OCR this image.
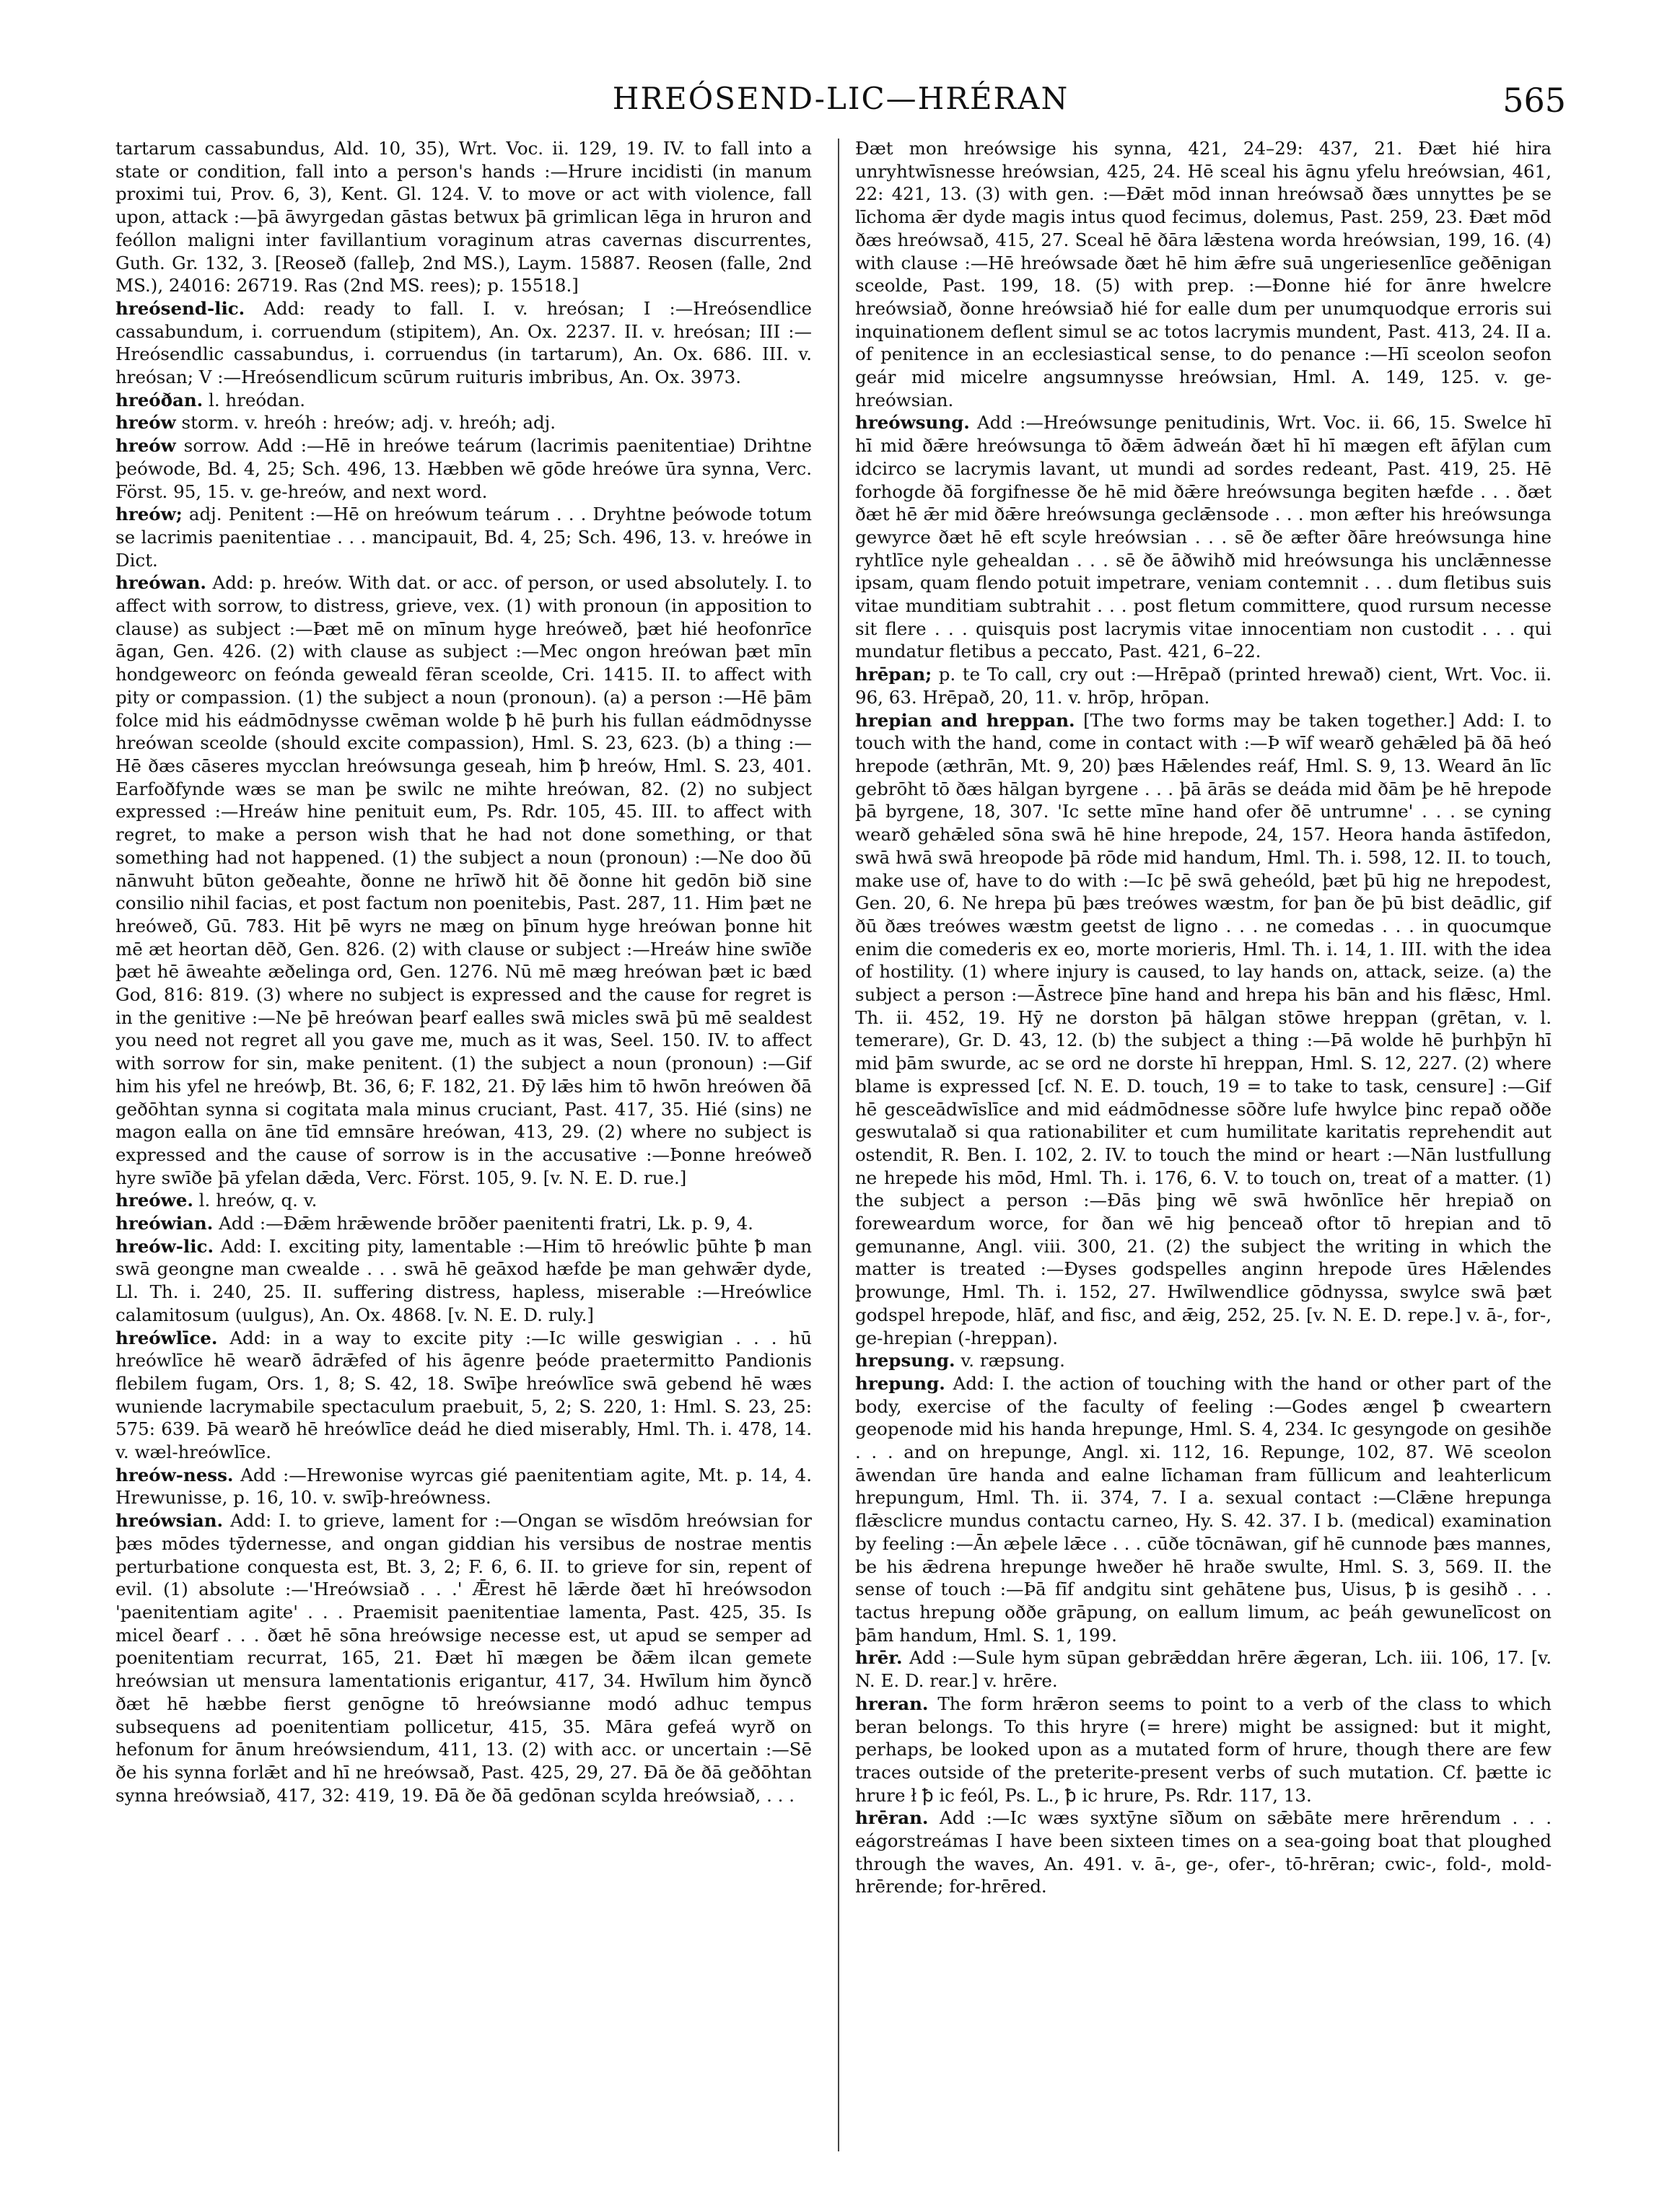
HREÓSEND-LIC—HRÉRAN	565

tartarum cassabundus, Ald. 10, 35), Wrt. Voc. ii. 129, 19. IV. to fall into a state or condition, fall into a person's hands :—Hrure incidisti (in manum proximi tui, Prov. 6, 3), Kent. Gl. 124. V. to move or act with violence, fall upon, attack :—þā āwyrgedan gāstas betwux þā grimlican lēga in hruron and feóllon maligni inter favillantium voraginum atras cavernas discurrentes, Guth. Gr. 132, 3. [Reoseð (falleþ, 2nd MS.), Laym. 15887. Reosen (falle, 2nd MS.), 24016: 26719. Ras (2nd MS. rees); p. 15518.]

hreósend-lic. Add: ready to fall. I. v. hreósan; I :—Hreósendlice cassabundum, i. corruendum (stipitem), An. Ox. 2237. II. v. hreósan; III :—Hreósendlic cassabundus, i. corruendus (in tartarum), An. Ox. 686. III. v. hreósan; V :—Hreósendlicum scūrum ruituris imbribus, An. Ox. 3973.

hreóðan. l. hreódan.

hreów storm. v. hreóh : hreów; adj. v. hreóh; adj.

hreów sorrow. Add :—Hē in hreówe teárum (lacrimis paenitentiae) Drihtne þeówode, Bd. 4, 25; Sch. 496, 13. Hæbben wē gōde hreówe ūra synna, Verc. Först. 95, 15. v. ge-hreów, and next word.

hreów; adj. Penitent :—Hē on hreówum teárum . . . Dryhtne þeówode totum se lacrimis paenitentiae . . . mancipauit, Bd. 4, 25; Sch. 496, 13. v. hreówe in Dict.

hreówan. Add: p. hreów. With dat. or acc. of person, or used absolutely. I. to affect with sorrow, to distress, grieve, vex. (1) with pronoun (in apposition to clause) as subject :—Þæt mē on mīnum hyge hreóweð, þæt hié heofonrīce āgan, Gen. 426. (2) with clause as subject :—Mec ongon hreówan þæt mīn hondgeweorc on feónda geweald fēran sceolde, Cri. 1415. II. to affect with pity or compassion. (1) the subject a noun (pronoun). (a) a person :—Hē þām folce mid his eádmōdnysse cwēman wolde ꝥ hē þurh his fullan eádmōdnysse hreówan sceolde (should excite compassion), Hml. S. 23, 623. (b) a thing :—Hē ðæs cāseres mycclan hreówsunga geseah, him ꝥ hreów, Hml. S. 23, 401. Earfoðfynde wæs se man þe swilc ne mihte hreówan, 82. (2) no subject expressed :—Hreáw hine penituit eum, Ps. Rdr. 105, 45. III. to affect with regret, to make a person wish that he had not done something, or that something had not happened. (1) the subject a noun (pronoun) :—Ne doo ðū nānwuht būton geðeahte, ðonne ne hrīwð hit ðē ðonne hit gedōn bið sine consilio nihil facias, et post factum non poenitebis, Past. 287, 11. Him þæt ne hreóweð, Gū. 783. Hit þē wyrs ne mæg on þīnum hyge hreówan þonne hit mē æt heortan dēð, Gen. 826. (2) with clause or subject :—Hreáw hine swīðe þæt hē āweahte æðelinga ord, Gen. 1276. Nū mē mæg hreówan þæt ic bæd God, 816: 819. (3) where no subject is expressed and the cause for regret is in the genitive :—Ne þē hreówan þearf ealles swā micles swā þū mē sealdest you need not regret all you gave me, much as it was, Seel. 150. IV. to affect with sorrow for sin, make penitent. (1) the subject a noun (pronoun) :—Gif him his yfel ne hreówþ, Bt. 36, 6; F. 182, 21. Ðȳ lǣs him tō hwōn hreówen ðā geðōhtan synna si cogitata mala minus cruciant, Past. 417, 35. Hié (sins) ne magon ealla on āne tīd emnsāre hreówan, 413, 29. (2) where no subject is expressed and the cause of sorrow is in the accusative :—Þonne hreóweð hyre swīðe þā yfelan dǣda, Verc. Först. 105, 9. [v. N. E. D. rue.]

hreówe. l. hreów, q. v.

hreówian. Add :—Ðǣm hrǣwende brōðer paenitenti fratri, Lk. p. 9, 4.

hreów-lic. Add: I. exciting pity, lamentable :—Him tō hreówlic þūhte ꝥ man swā geongne man cwealde . . . swā hē geāxod hæfde þe man gehwǣr dyde, Ll. Th. i. 240, 25. II. suffering distress, hapless, miserable :—Hreówlice calamitosum (uulgus), An. Ox. 4868. [v. N. E. D. ruly.]

hreówlīce. Add: in a way to excite pity :—Ic wille geswigian . . . hū hreówlīce hē wearð ādrǣfed of his āgenre þeóde praetermitto Pandionis flebilem fugam, Ors. 1, 8; S. 42, 18. Swīþe hreówlīce swā gebend hē wæs wuniende lacrymabile spectaculum praebuit, 5, 2; S. 220, 1: Hml. S. 23, 25: 575: 639. Þā wearð hē hreówlīce deád he died miserably, Hml. Th. i. 478, 14. v. wæl-hreówlīce.

hreów-ness. Add :—Hrewonise wyrcas gié paenitentiam agite, Mt. p. 14, 4. Hrewunisse, p. 16, 10. v. swīþ-hreówness.

hreówsian. Add: I. to grieve, lament for :—Ongan se wīsdōm hreówsian for þæs mōdes tȳdernesse, and ongan giddian his versibus de nostrae mentis perturbatione conquesta est, Bt. 3, 2; F. 6, 6. II. to grieve for sin, repent of evil. (1) absolute :—'Hreówsiað . . .' Ǣrest hē lǣrde ðæt hī hreówsodon 'paenitentiam agite' . . . Praemisit paenitentiae lamenta, Past. 425, 35. Is micel ðearf . . . ðæt hē sōna hreówsige necesse est, ut apud se semper ad poenitentiam recurrat, 165, 21. Ðæt hī mægen be ðǣm ilcan gemete hreówsian ut mensura lamentationis erigantur, 417, 34. Hwīlum him ðyncð ðæt hē hæbbe fierst genōgne tō hreówsianne modó adhuc tempus subsequens ad poenitentiam pollicetur, 415, 35. Māra gefeá wyrð on hefonum for ānum hreówsiendum, 411, 13. (2) with acc. or uncertain :—Sē ðe his synna forlǣt and hī ne hreówsað, Past. 425, 29, 27. Ðā ðe ðā geðōhtan synna hreówsiað, 417, 32: 419, 19. Ðā ðe ðā gedōnan scylda hreówsiað, . . .

Ðæt mon hreówsige his synna, 421, 24–29: 437, 21. Ðæt hié hira unryhtwīsnesse hreówsian, 425, 24. Hē sceal his āgnu yfelu hreówsian, 461, 22: 421, 13. (3) with gen. :—Ðǣt mōd innan hreówsað ðæs unnyttes þe se līchoma ǣr dyde magis intus quod fecimus, dolemus, Past. 259, 23. Ðæt mōd ðæs hreówsað, 415, 27. Sceal hē ðāra lǣstena worda hreówsian, 199, 16. (4) with clause :—Hē hreówsade ðæt hē him ǣfre suā ungeriesenlīce geðēnigan sceolde, Past. 199, 18. (5) with prep. :—Ðonne hié for ānre hwelcre hreówsiað, ðonne hreówsiað hié for ealle dum per unumquodque erroris sui inquinationem deflent simul se ac totos lacrymis mundent, Past. 413, 24. II a. of penitence in an ecclesiastical sense, to do penance :—Hī sceolon seofon geár mid micelre angsumnysse hreówsian, Hml. A. 149, 125. v. ge-hreówsian.

hreówsung. Add :—Hreówsunge penitudinis, Wrt. Voc. ii. 66, 15. Swelce hī hī mid ðǣre hreówsunga tō ðǣm ādweán ðæt hī hī mægen eft āfȳlan cum idcirco se lacrymis lavant, ut mundi ad sordes redeant, Past. 419, 25. Hē forhogde ðā forgifnesse ðe hē mid ðǣre hreówsunga begiten hæfde . . . ðæt ðæt hē ǣr mid ðǣre hreówsunga geclǣnsode . . . mon æfter his hreówsunga gewyrce ðæt hē eft scyle hreówsian . . . sē ðe æfter ðāre hreówsunga hine ryhtlīce nyle gehealdan . . . sē ðe āðwihð mid hreówsunga his unclǣnnesse ipsam, quam flendo potuit impetrare, veniam contemnit . . . dum fletibus suis vitae munditiam subtrahit . . . post fletum committere, quod rursum necesse sit flere . . . quisquis post lacrymis vitae innocentiam non custodit . . . qui mundatur fletibus a peccato, Past. 421, 6–22.

hrēpan; p. te To call, cry out :—Hrēpað (printed hrewað) cient, Wrt. Voc. ii. 96, 63. Hrēpað, 20, 11. v. hrōp, hrōpan.

hrepian and hreppan. [The two forms may be taken together.] Add: I. to touch with the hand, come in contact with :—Þ wīf wearð gehǣled þā ðā heó hrepode (æthrān, Mt. 9, 20) þæs Hǣlendes reáf, Hml. S. 9, 13. Weard ān līc gebrōht tō ðæs hālgan byrgene . . . þā ārās se deáda mid ðām þe hē hrepode þā byrgene, 18, 307. 'Ic sette mīne hand ofer ðē untrumne' . . . se cyning wearð gehǣled sōna swā hē hine hrepode, 24, 157. Heora handa āstīfedon, swā hwā swā hreopode þā rōde mid handum, Hml. Th. i. 598, 12. II. to touch, make use of, have to do with :—Ic þē swā geheóld, þæt þū hig ne hrepodest, Gen. 20, 6. Ne hrepa þū þæs treówes wæstm, for þan ðe þū bist deādlic, gif ðū ðæs treówes wæstm geetst de ligno . . . ne comedas . . . in quocumque enim die comederis ex eo, morte morieris, Hml. Th. i. 14, 1. III. with the idea of hostility. (1) where injury is caused, to lay hands on, attack, seize. (a) the subject a person :—Āstrece þīne hand and hrepa his bān and his flǣsc, Hml. Th. ii. 452, 19. Hȳ ne dorston þā hālgan stōwe hreppan (grētan, v. l. temerare), Gr. D. 43, 12. (b) the subject a thing :—Þā wolde hē þurhþȳn hī mid þām swurde, ac se ord ne dorste hī hreppan, Hml. S. 12, 227. (2) where blame is expressed [cf. N. E. D. touch, 19 = to take to task, censure] :—Gif hē gesceādwīslīce and mid eádmōdnesse sōðre lufe hwylce þinc repað oððe geswutalað si qua rationabiliter et cum humilitate karitatis reprehendit aut ostendit, R. Ben. I. 102, 2. IV. to touch the mind or heart :—Nān lustfullung ne hrepede his mōd, Hml. Th. i. 176, 6. V. to touch on, treat of a matter. (1) the subject a person :—Ðās þing wē swā hwōnlīce hēr hrepiað on foreweardum worce, for ðan wē hig þenceað oftor tō hrepian and tō gemunanne, Angl. viii. 300, 21. (2) the subject the writing in which the matter is treated :—Ðyses godspelles anginn hrepode ūres Hǣlendes þrowunge, Hml. Th. i. 152, 27. Hwīlwendlice gōdnyssa, swylce swā þæt godspel hrepode, hlāf, and fisc, and ǣig, 252, 25. [v. N. E. D. repe.] v. ā-, for-, ge-hrepian (-hreppan).

hrepsung. v. ræpsung.

hrepung. Add: I. the action of touching with the hand or other part of the body, exercise of the faculty of feeling :—Godes ængel ꝥ cweartern geopenode mid his handa hrepunge, Hml. S. 4, 234. Ic gesyngode on gesihðe . . . and on hrepunge, Angl. xi. 112, 16. Repunge, 102, 87. Wē sceolon āwendan ūre handa and ealne līchaman fram fūllicum and leahterlicum hrepungum, Hml. Th. ii. 374, 7. I a. sexual contact :—Clǣne hrepunga flǣsclicre mundus contactu carneo, Hy. S. 42. 37. I b. (medical) examination by feeling :—Ān æþele lǣce . . . cūðe tōcnāwan, gif hē cunnode þæs mannes, be his ǣdrena hrepunge hweðer hē hraðe swulte, Hml. S. 3, 569. II. the sense of touch :—Þā fīf andgitu sint gehātene þus, Uisus, ꝥ is gesihð . . . tactus hrepung oððe grāpung, on eallum limum, ac þeáh gewunelīcost on þām handum, Hml. S. 1, 199.

hrēr. Add :—Sule hym sūpan gebrǣddan hrēre ǣgeran, Lch. iii. 106, 17. [v. N. E. D. rear.] v. hrēre.

hreran. The form hrǣron seems to point to a verb of the class to which beran belongs. To this hryre (= hrere) might be assigned: but it might, perhaps, be looked upon as a mutated form of hrure, though there are few traces outside of the preterite-present verbs of such mutation. Cf. þætte ic hrure ł ꝥ ic feól, Ps. L., ꝥ ic hrure, Ps. Rdr. 117, 13.

hrēran. Add :—Ic wæs syxtȳne sīðum on sǣbāte mere hrērendum . . . eágorstreámas I have been sixteen times on a sea-going boat that ploughed through the waves, An. 491. v. ā-, ge-, ofer-, tō-hrēran; cwic-, fold-, mold-hrērende; for-hrēred.
